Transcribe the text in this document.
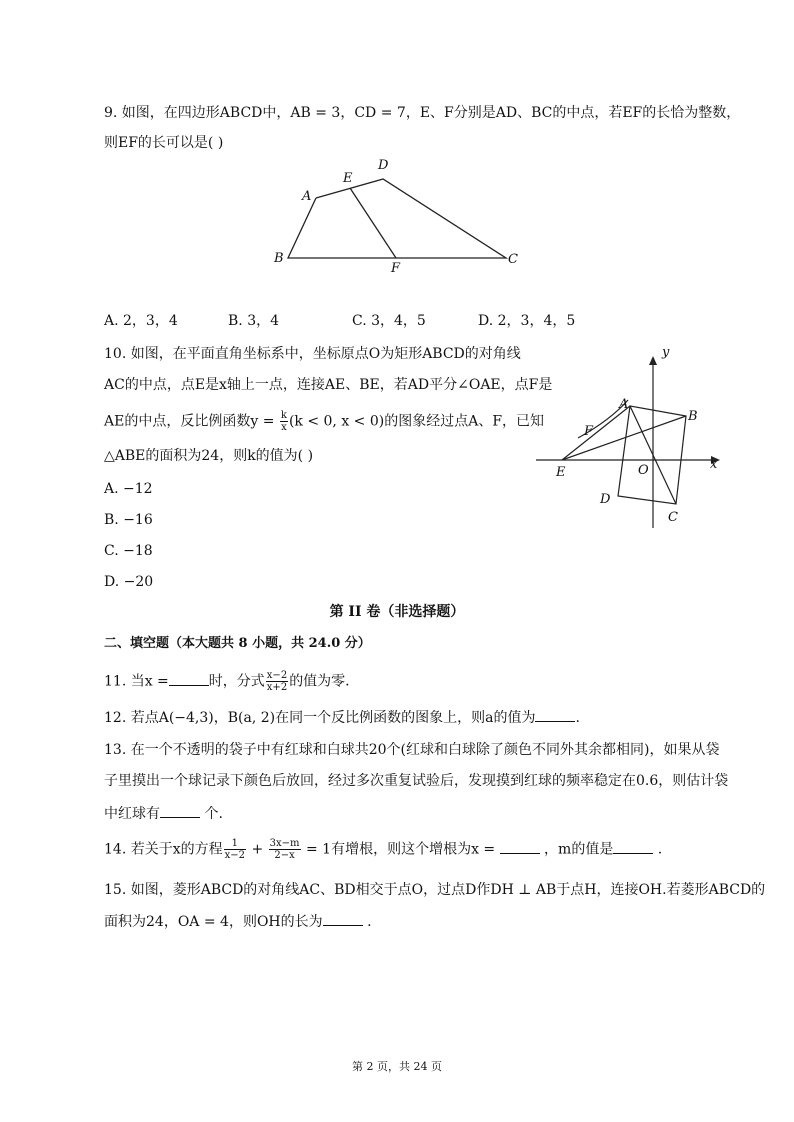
9. 如图，在四边形ABCD中，AB = 3，CD = 7，E、F分别是AD、BC的中点，若EF的长恰为整数，
则EF的长可以是( )
A
E
D
B
F
C
A. 2，3，4	B. 3，4	C. 3，4，5	D. 2，3，4，5
10. 如图，在平面直角坐标系中，坐标原点O为矩形ABCD的对角线
AC的中点，点E是x轴上一点，连接AE、BE，若AD平分∠OAE，点F是
AE的中点，反比例函数$y = \frac{k}{x} (k < 0$, x < 0)的图象经过点A、F，已知
△ABE的面积为24，则k的值为( )
A. −12
B. −16
C. −18
D. −20
y
x
A
B
F
E	O
D
C
第 II 卷（非选择题）
二、填空题（本大题共 8 小题，共 24.0 分）
11. 当x =	时，分式 $\frac{x-2}{x+2}$ 的值为零.
12. 若点A(−4,3)，B(a, 2)在同一个反比例函数的图象上，则a的值为	.
13. 在一个不透明的袋子中有红球和白球共20个(红球和白球除了颜色不同外其余都相同)，如果从袋
子里摸出一个球记录下颜色后放回，经过多次重复试验后，发现摸到红球的频率稳定在0.6，则估计袋
中红球有	个.
14. 若关于x的方程 $\frac{1}{x-2} + \frac{3x-m}{2-x} = 1$有增根，则这个增根为x =	，m的值是	.
15. 如图，菱形ABCD的对角线AC、BD相交于点O，过点D作DH ⊥ AB于点H，连接OH.若菱形ABCD的
面积为24，OA = 4，则OH的长为	.
第 2 页，共 24 页
